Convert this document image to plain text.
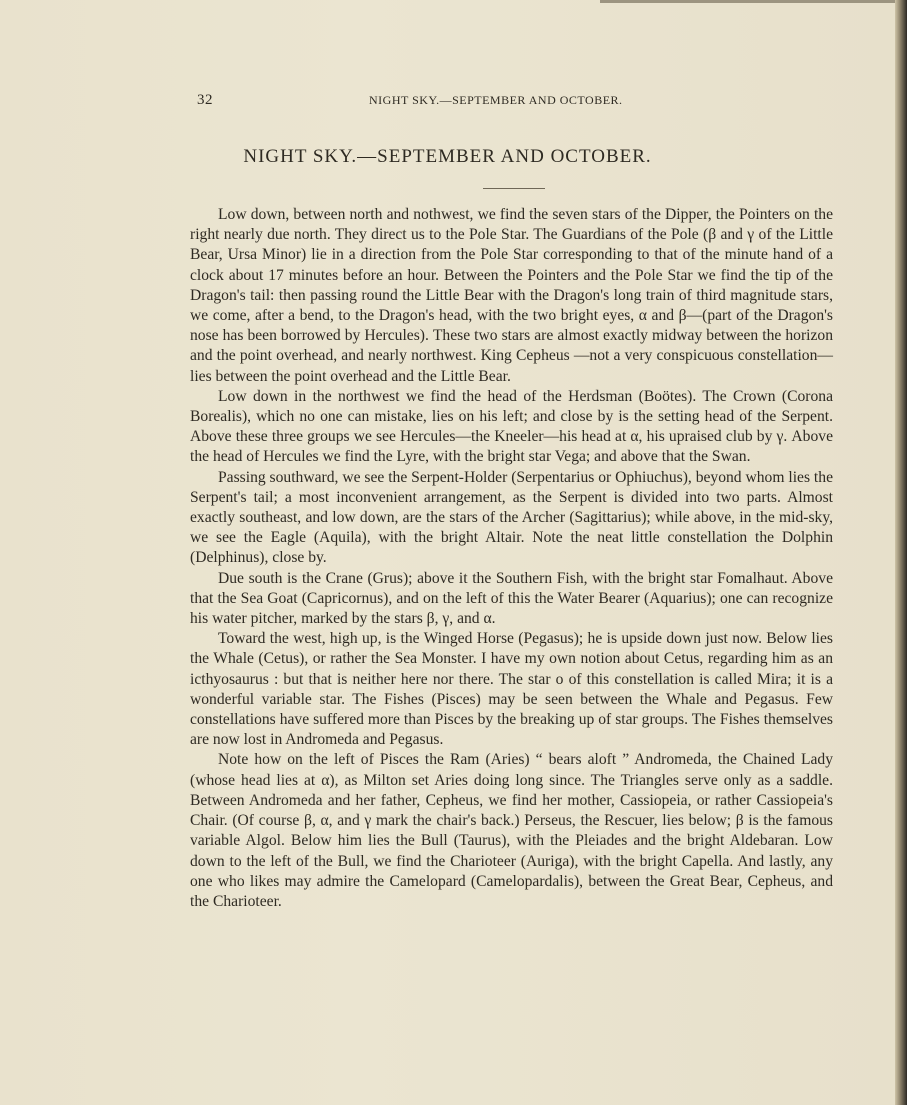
32	NIGHT SKY.—SEPTEMBER AND OCTOBER.
NIGHT SKY.—SEPTEMBER AND OCTOBER.

Low down, between north and nothwest, we find the seven stars of the Dipper, the Pointers on the right nearly due north. They direct us to the Pole Star. The Guardians of the Pole (β and γ of the Little Bear, Ursa Minor) lie in a direction from the Pole Star corresponding to that of the minute hand of a clock about 17 minutes before an hour. Between the Pointers and the Pole Star we find the tip of the Dragon's tail: then passing round the Little Bear with the Dragon's long train of third magnitude stars, we come, after a bend, to the Dragon's head, with the two bright eyes, α and β—(part of the Dragon's nose has been borrowed by Hercules). These two stars are almost exactly midway between the horizon and the point overhead, and nearly northwest. King Cepheus —not a very conspicuous constellation—lies between the point overhead and the Little Bear.

Low down in the northwest we find the head of the Herdsman (Boötes). The Crown (Corona Borealis), which no one can mistake, lies on his left; and close by is the setting head of the Serpent. Above these three groups we see Hercules—the Kneeler—his head at α, his upraised club by γ. Above the head of Hercules we find the Lyre, with the bright star Vega; and above that the Swan.

Passing southward, we see the Serpent-Holder (Serpentarius or Ophiuchus), beyond whom lies the Serpent's tail; a most inconvenient arrangement, as the Serpent is divided into two parts. Almost exactly southeast, and low down, are the stars of the Archer (Sagittarius); while above, in the mid-sky, we see the Eagle (Aquila), with the bright Altair. Note the neat little constellation the Dolphin (Delphinus), close by.

Due south is the Crane (Grus); above it the Southern Fish, with the bright star Fomalhaut. Above that the Sea Goat (Capricornus), and on the left of this the Water Bearer (Aquarius); one can recognize his water pitcher, marked by the stars β, γ, and α.

Toward the west, high up, is the Winged Horse (Pegasus); he is upside down just now. Below lies the Whale (Cetus), or rather the Sea Monster. I have my own notion about Cetus, regarding him as an icthyosaurus : but that is neither here nor there. The star o of this constellation is called Mira; it is a wonderful variable star. The Fishes (Pisces) may be seen between the Whale and Pegasus. Few constellations have suffered more than Pisces by the breaking up of star groups. The Fishes themselves are now lost in Andromeda and Pegasus.

Note how on the left of Pisces the Ram (Aries) “ bears aloft ” Andromeda, the Chained Lady (whose head lies at α), as Milton set Aries doing long since. The Triangles serve only as a saddle. Between Andromeda and her father, Cepheus, we find her mother, Cassiopeia, or rather Cassiopeia's Chair. (Of course β, α, and γ mark the chair's back.) Perseus, the Rescuer, lies below; β is the famous variable Algol. Below him lies the Bull (Taurus), with the Pleiades and the bright Aldebaran. Low down to the left of the Bull, we find the Charioteer (Auriga), with the bright Capella. And lastly, any one who likes may admire the Camelopard (Camelopardalis), between the Great Bear, Cepheus, and the Charioteer.
